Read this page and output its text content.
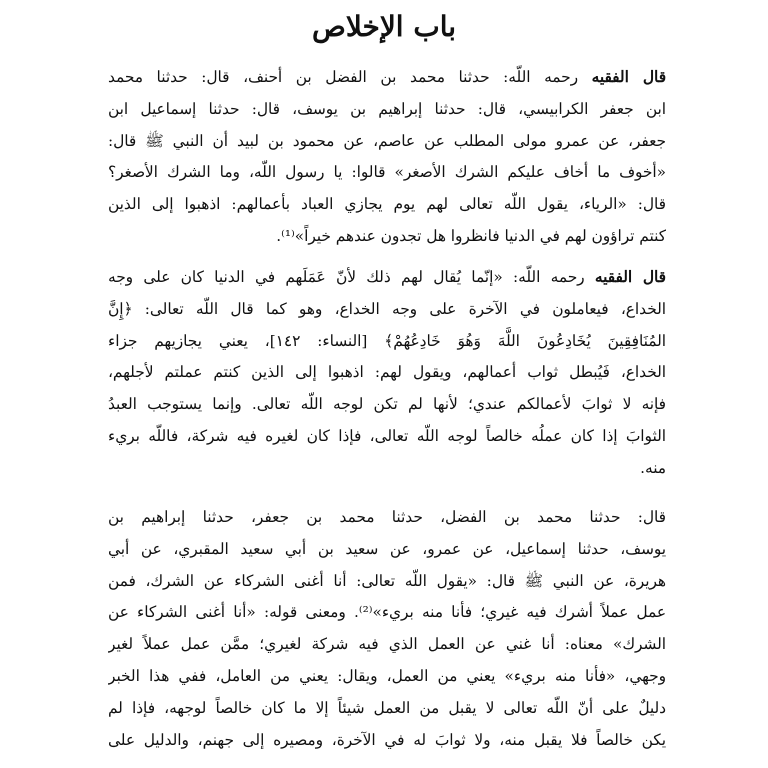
باب الإخلاص
قال الفقيه رحمه اللّه: حدثنا محمد بن الفضل بن أحنف، قال: حدثنا محمد
ابن جعفر الكرابيسي، قال: حدثنا إبراهيم بن يوسف، قال: حدثنا إسماعيل ابن
جعفر، عن عمرو مولى المطلب عن عاصم، عن محمود بن لبيد أن النبي ﷺ قال:
«أخوف ما أخاف عليكم الشرك الأصغر» قالوا: يا رسول اللّه، وما الشرك الأصغر؟
قال: «الرياء، يقول اللّه تعالى لهم يوم يجازي العباد بأعمالهم: اذهبوا إلى الذين
كنتم تراؤون لهم في الدنيا فانظروا هل تجدون عندهم خيراً»⁽¹⁾.
قال الفقيه رحمه اللّه: «إنّما يُقال لهم ذلك لأنّ عَمَلَهم في الدنيا كان على وجه
الخداع، فيعاملون في الآخرة على وجه الخداع، وهو كما قال اللّه تعالى: ﴿إِنَّ
المُنَافِقِينَ يُخَادِعُونَ اللَّهَ وَهُوَ خَادِعُهُمْ﴾ [النساء: ١٤٢]، يعني يجازيهم جزاء
الخداع، فَيُبطل ثواب أعمالهم، ويقول لهم: اذهبوا إلى الذين كنتم عملتم لأجلهم،
فإنه لا ثوابَ لأعمالكم عندي؛ لأنها لم تكن لوجه اللّه تعالى. وإنما يستوجب العبدُ
الثوابَ إذا كان عملُه خالصاً لوجه اللّه تعالى، فإذا كان لغيره فيه شركة، فاللّه بريء
منه.
قال: حدثنا محمد بن الفضل، حدثنا محمد بن جعفر، حدثنا إبراهيم بن
يوسف، حدثنا إسماعيل، عن عمرو، عن سعيد بن أبي سعيد المقبري، عن أبي
هريرة، عن النبي ﷺ قال: «يقول اللّه تعالى: أنا أغنى الشركاء عن الشرك، فمن
عمل عملاً أشرك فيه غيري؛ فأنا منه بريء»⁽²⁾. ومعنى قوله: «أنا أغنى الشركاء عن
الشرك» معناه: أنا غني عن العمل الذي فيه شركة لغيري؛ ممَّن عمل عملاً لغير
وجهي، «فأنا منه بريء» يعني من العمل، ويقال: يعني من العامل، ففي هذا الخبر
دليلٌ على أنّ اللّه تعالى لا يقبل من العمل شيئاً إلا ما كان خالصاً لوجهه، فإذا لم
يكن خالصاً فلا يقبل منه، ولا ثوابَ له في الآخرة، ومصيره إلى جهنم، والدليل على
